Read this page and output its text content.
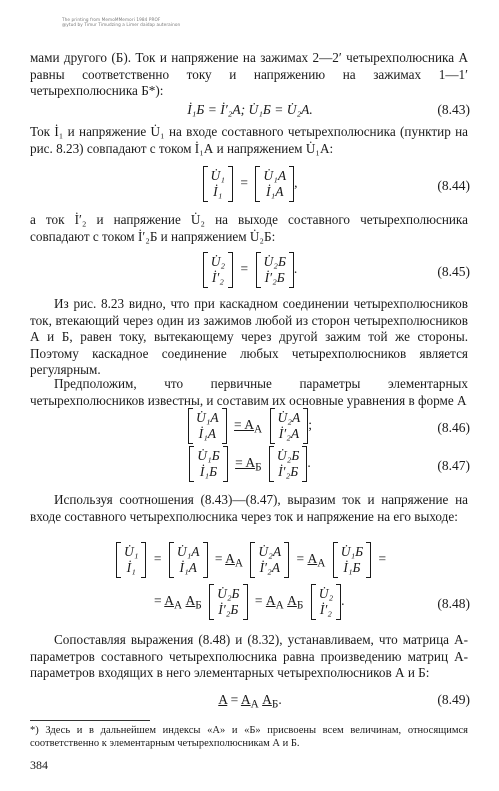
The printing from MemoMMemori 1984 PROF
@ytud by Timur Timudzing a Limer daidap auterainon
мами другого (Б). Ток и напряжение на зажимах 2—2′ четырехполюсника А равны соответственно току и напряжению на зажимах 1—1′ четырехполюсника Б*):
İ₁Б = İ′₂А; U̇₁Б = U̇₂А.	(8.43)
Ток İ₁ и напряжение U̇₁ на входе составного четырехполюсника (пунктир на рис. 8.23) совпадают с током İ₁А и напряжением U̇₁А:
U̇₁
İ₁
= U̇₁А
İ₁А
,	(8.44)
а ток İ′₂ и напряжение U̇₂ на выходе составного четырехполюсника совпадают с током İ′₂Б и напряжением U̇₂Б:
U̇₂
İ′₂
= U̇₂Б
İ′₂Б
.	(8.45)
Из рис. 8.23 видно, что при каскадном соединении четырехполюсников ток, втекающий через один из зажимов любой из сторон четырехполюсников А и Б, равен току, вытекающему через другой зажим той же стороны. Поэтому каскадное соединение любых четырехполюсников является регулярным.
Предположим, что первичные параметры элементарных четырехполюсников известны, и составим их основные уравнения в форме A
U̇₁А
İ₁А
= $A_А$
U̇₂А
İ′₂А
;	(8.46)
U̇₁Б
İ₁Б
= $A_Б$
U̇₂Б
İ′₂Б
.	(8.47)
Используя соотношения (8.43)—(8.47), выразим ток и напряжение на входе составного четырехполюсника через ток и напряжение на его выходе:
U̇₁
İ₁
= U̇₁А
İ₁А
= $A_А$
U̇₂А
İ′₂А
= $A_А$
U̇₁Б
İ₁Б
=
= $A_А$ $A_Б$
U̇₂Б
İ′₂Б
= $A_А$ $A_Б$
U̇₂
İ′₂
.	(8.48)
Сопоставляя выражения (8.48) и (8.32), устанавливаем, что матрица A-параметров составного четырехполюсника равна произведению матриц A-параметров входящих в него элементарных четырехполюсников А и Б:
$A = A_А$ $A_Б$.	(8.49)
*) Здесь и в дальнейшем индексы «А» и «Б» присвоены всем величинам, относящимся соответственно к элементарным четырехполюсникам А и Б.
384
